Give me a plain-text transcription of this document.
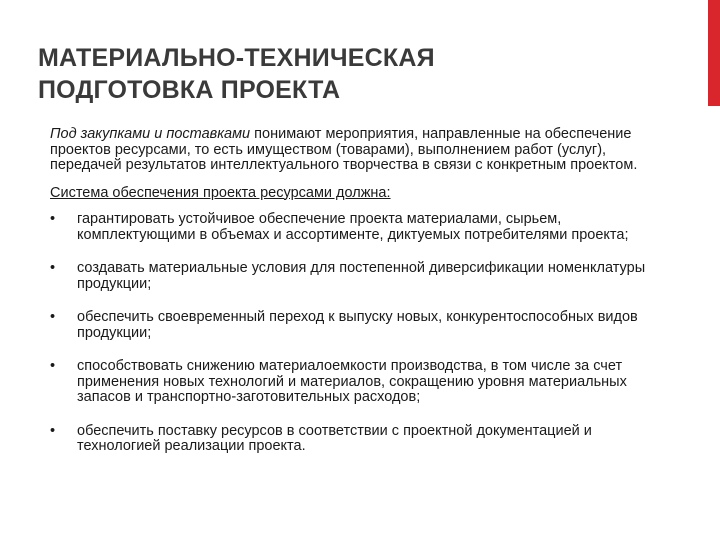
МАТЕРИАЛЬНО-ТЕХНИЧЕСКАЯ
ПОДГОТОВКА ПРОЕКТА

Под закупками и поставками понимают мероприятия, направленные на обеспечение проектов ресурсами, то есть имуществом (товарами), выполнением работ (услуг), передачей результатов интеллектуального творчества в связи с конкретным проектом.

Система обеспечения проекта ресурсами должна:

• гарантировать устойчивое обеспечение проекта материалами, сырьем, комплектующими в объемах и ассортименте, диктуемых потребителями проекта;
• создавать материальные условия для постепенной диверсификации номенклатуры продукции;
• обеспечить своевременный переход к выпуску новых, конкурентоспособных видов продукции;
• способствовать снижению материалоемкости производства, в том числе за счет применения новых технологий и материалов, сокращению уровня материальных запасов и транспортно-заготовительных расходов;
• обеспечить поставку ресурсов в соответствии с проектной документацией и технологией реализации проекта.
